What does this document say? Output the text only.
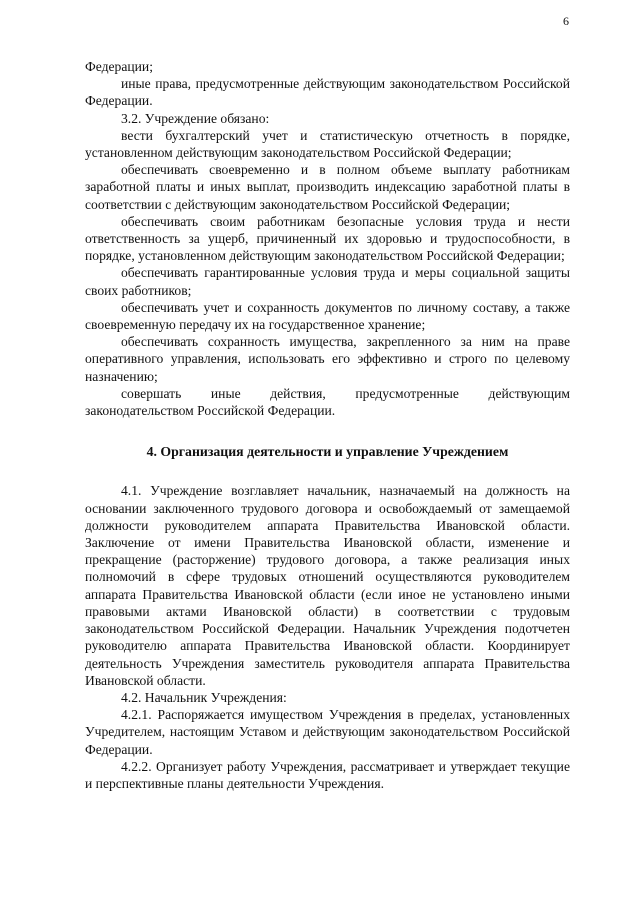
6

Федерации;

иные права, предусмотренные действующим законодательством Российской Федерации.

3.2. Учреждение обязано:

вести бухгалтерский учет и статистическую отчетность в порядке, установленном действующим законодательством Российской Федерации;

обеспечивать своевременно и в полном объеме выплату работникам заработной платы и иных выплат, производить индексацию заработной платы в соответствии с действующим законодательством Российской Федерации;

обеспечивать своим работникам безопасные условия труда и нести ответственность за ущерб, причиненный их здоровью и трудоспособности, в порядке, установленном действующим законодательством Российской Федерации;

обеспечивать гарантированные условия труда и меры социальной защиты своих работников;

обеспечивать учет и сохранность документов по личному составу, а также своевременную передачу их на государственное хранение;

обеспечивать сохранность имущества, закрепленного за ним на праве оперативного управления, использовать его эффективно и строго по целевому назначению;

совершать иные действия, предусмотренные действующим законодательством Российской Федерации.

4. Организация деятельности и управление Учреждением

4.1. Учреждение возглавляет начальник, назначаемый на должность на основании заключенного трудового договора и освобождаемый от замещаемой должности руководителем аппарата Правительства Ивановской области. Заключение от имени Правительства Ивановской области, изменение и прекращение (расторжение) трудового договора, а также реализация иных полномочий в сфере трудовых отношений осуществляются руководителем аппарата Правительства Ивановской области (если иное не установлено иными правовыми актами Ивановской области) в соответствии с трудовым законодательством Российской Федерации. Начальник Учреждения подотчетен руководителю аппарата Правительства Ивановской области. Координирует деятельность Учреждения заместитель руководителя аппарата Правительства Ивановской области.

4.2. Начальник Учреждения:

4.2.1. Распоряжается имуществом Учреждения в пределах, установленных Учредителем, настоящим Уставом и действующим законодательством Российской Федерации.

4.2.2. Организует работу Учреждения, рассматривает и утверждает текущие и перспективные планы деятельности Учреждения.
